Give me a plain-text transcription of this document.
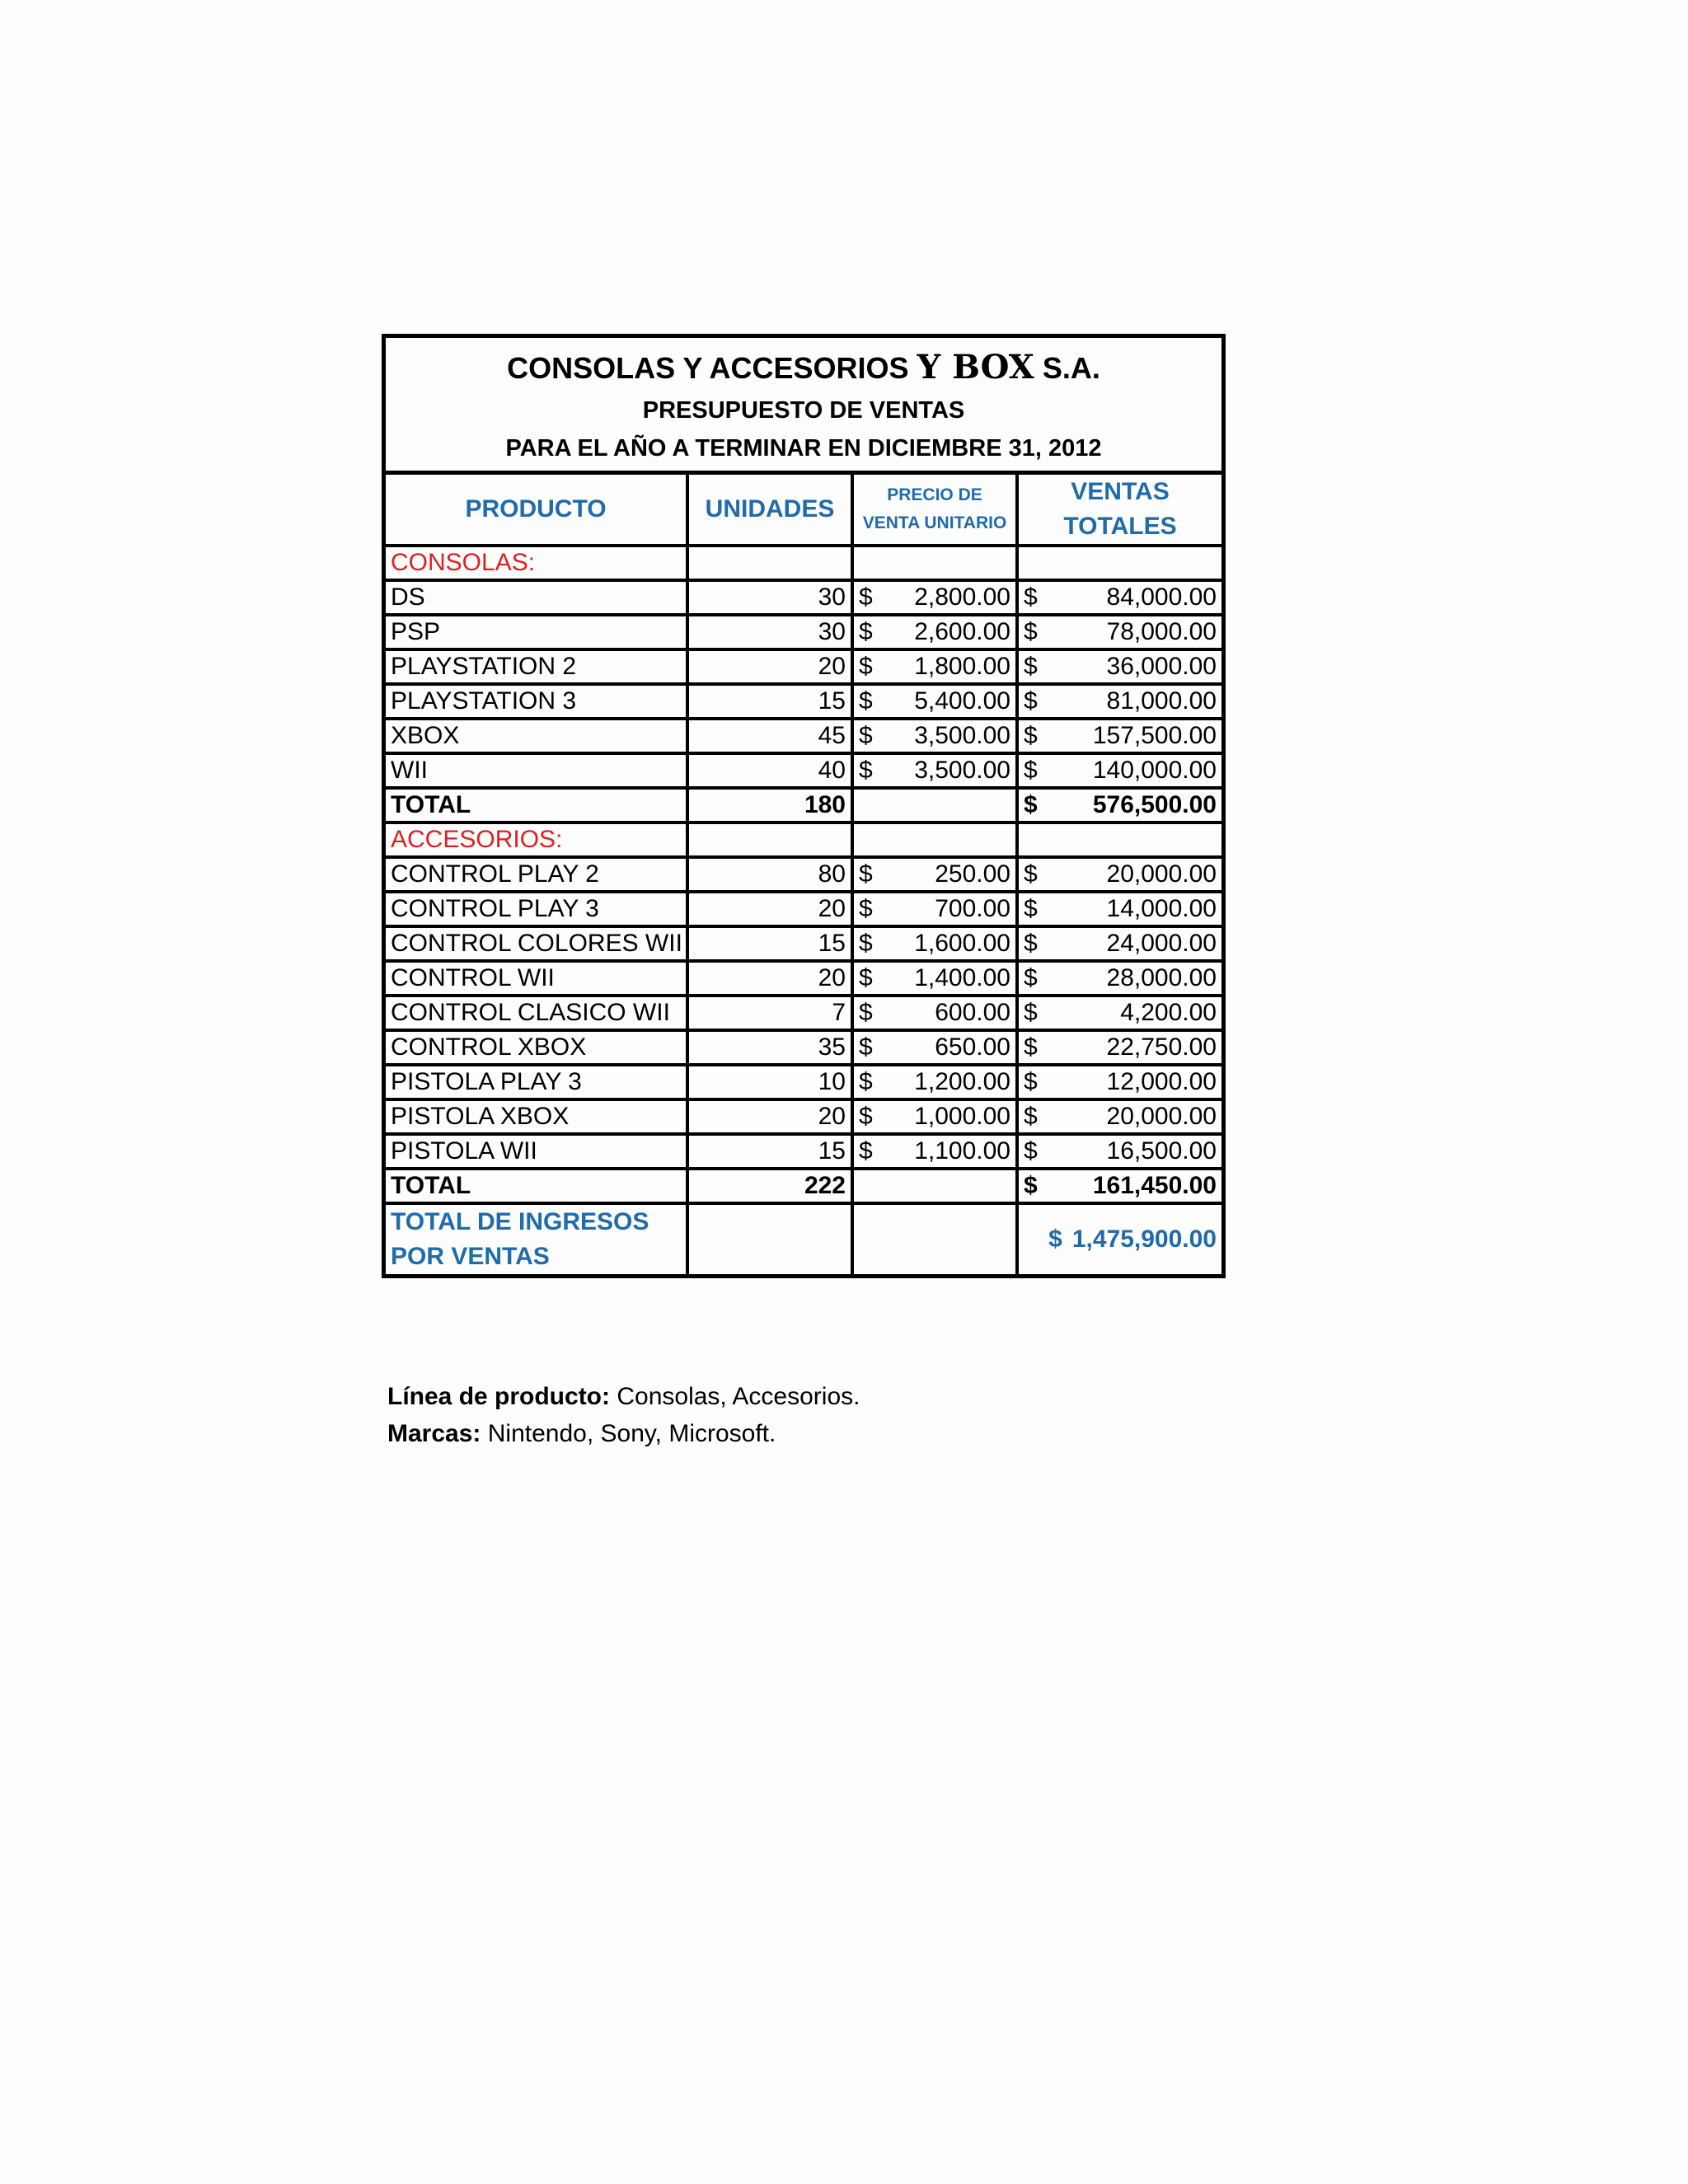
CONSOLAS Y ACCESORIOS Y BOX S.A.
PRESUPUESTO DE VENTAS
PARA EL AÑO A TERMINAR EN DICIEMBRE 31, 2012
PRODUCTO	UNIDADES	PRECIO DE VENTA UNITARIO	VENTAS TOTALES
CONSOLAS:			
DS	30	$ 2,800.00	$ 84,000.00

PSP	30	$ 2,600.00	$ 78,000.00

PLAYSTATION 2	20	$ 1,800.00	$ 36,000.00

PLAYSTATION 3	15	$ 5,400.00	$ 81,000.00

XBOX	45	$ 3,500.00	$ 157,500.00

WII	40	$ 3,500.00	$ 140,000.00

TOTAL	180		$ 576,500.00

ACCESORIOS:			
CONTROL PLAY 2	80	$ 250.00	$ 20,000.00

CONTROL PLAY 3	20	$ 700.00	$ 14,000.00

CONTROL COLORES WII	15	$ 1,600.00	$ 24,000.00

CONTROL WII	20	$ 1,400.00	$ 28,000.00

CONTROL CLASICO WII	7	$ 600.00	$ 4,200.00

CONTROL XBOX	35	$ 650.00	$ 22,750.00

PISTOLA PLAY 3	10	$ 1,200.00	$ 12,000.00

PISTOLA XBOX	20	$ 1,000.00	$ 20,000.00

PISTOLA WII	15	$ 1,100.00	$ 16,500.00

TOTAL	222		$ 161,450.00

TOTAL DE INGRESOS POR VENTAS			$ 1,475,900.00
Línea de producto: Consolas, Accesorios.
Marcas: Nintendo, Sony, Microsoft.
